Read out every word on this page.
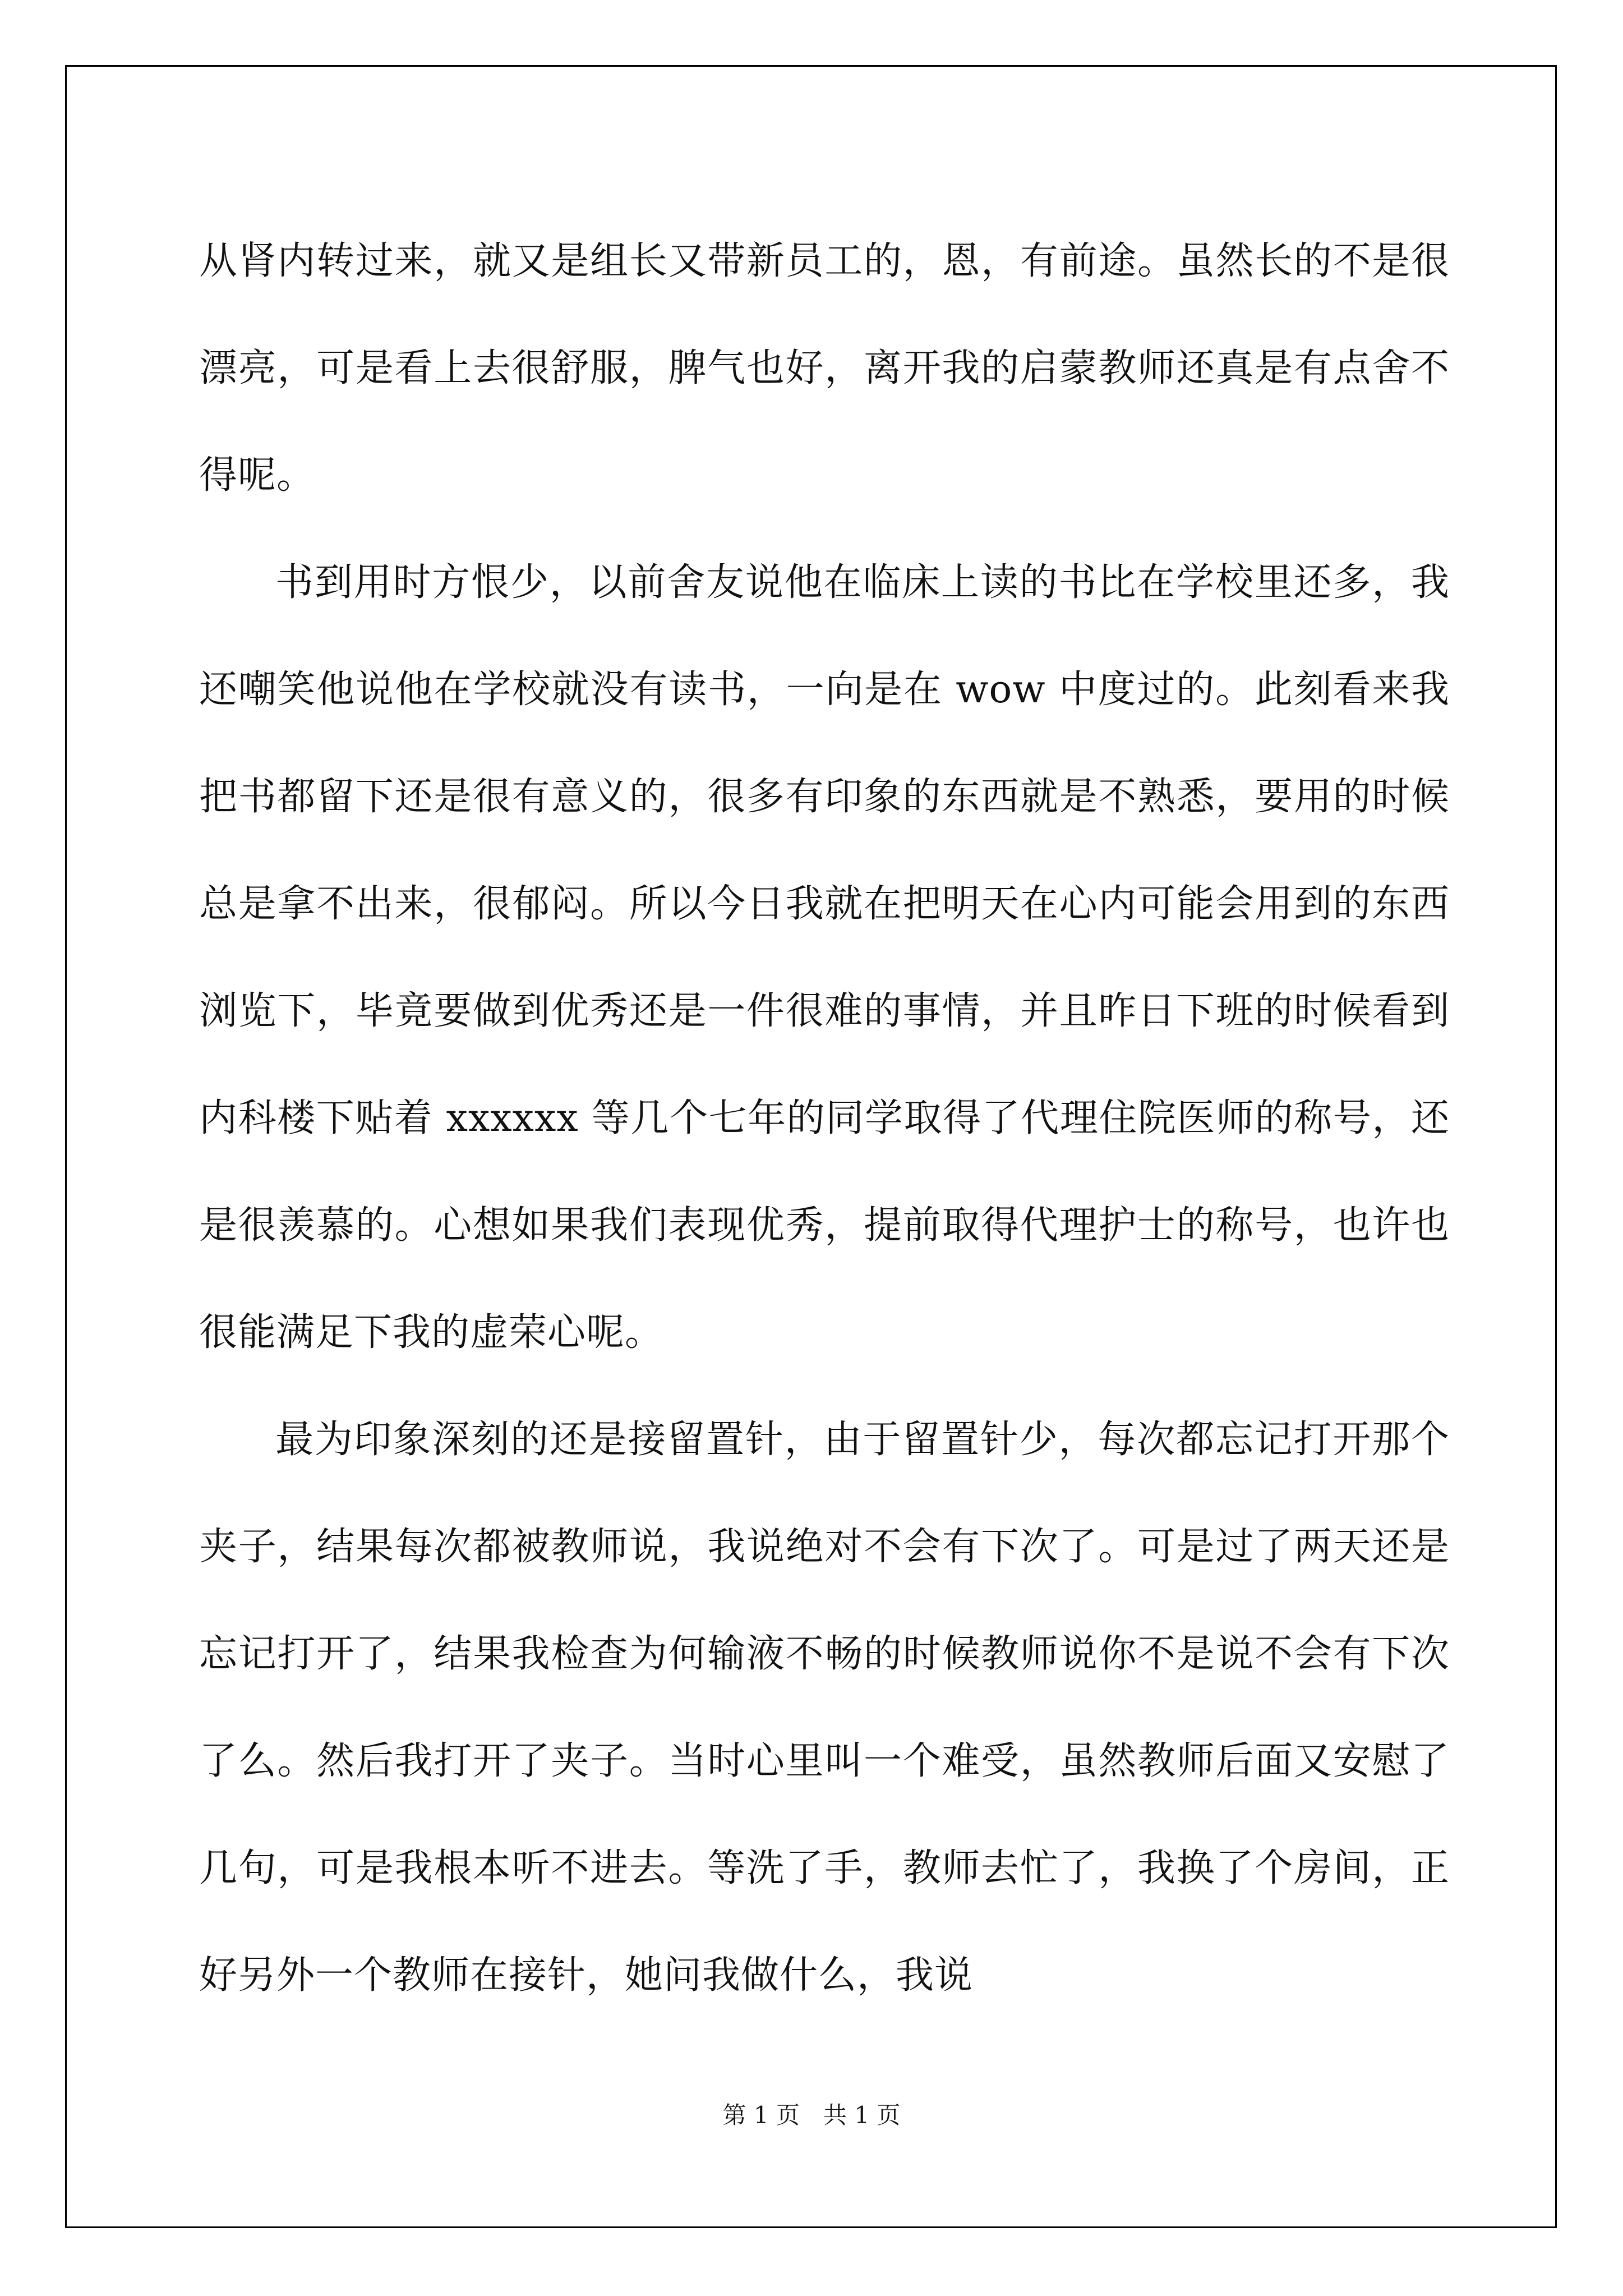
从肾内转过来，就又是组长又带新员工的，恩，有前途。虽然长的不是很漂亮，可是看上去很舒服，脾气也好，离开我的启蒙教师还真是有点舍不得呢。

书到用时方恨少，以前舍友说他在临床上读的书比在学校里还多，我还嘲笑他说他在学校就没有读书，一向是在 wow 中度过的。此刻看来我把书都留下还是很有意义的，很多有印象的东西就是不熟悉，要用的时候总是拿不出来，很郁闷。所以今日我就在把明天在心内可能会用到的东西浏览下，毕竟要做到优秀还是一件很难的事情，并且昨日下班的时候看到内科楼下贴着 xxxxxx 等几个七年的同学取得了代理住院医师的称号，还是很羡慕的。心想如果我们表现优秀，提前取得代理护士的称号，也许也很能满足下我的虚荣心呢。

最为印象深刻的还是接留置针，由于留置针少，每次都忘记打开那个夹子，结果每次都被教师说，我说绝对不会有下次了。可是过了两天还是忘记打开了，结果我检查为何输液不畅的时候教师说你不是说不会有下次了么。然后我打开了夹子。当时心里叫一个难受，虽然教师后面又安慰了几句，可是我根本听不进去。等洗了手，教师去忙了，我换了个房间，正好另外一个教师在接针，她问我做什么，我说

第 1 页　共 1 页
